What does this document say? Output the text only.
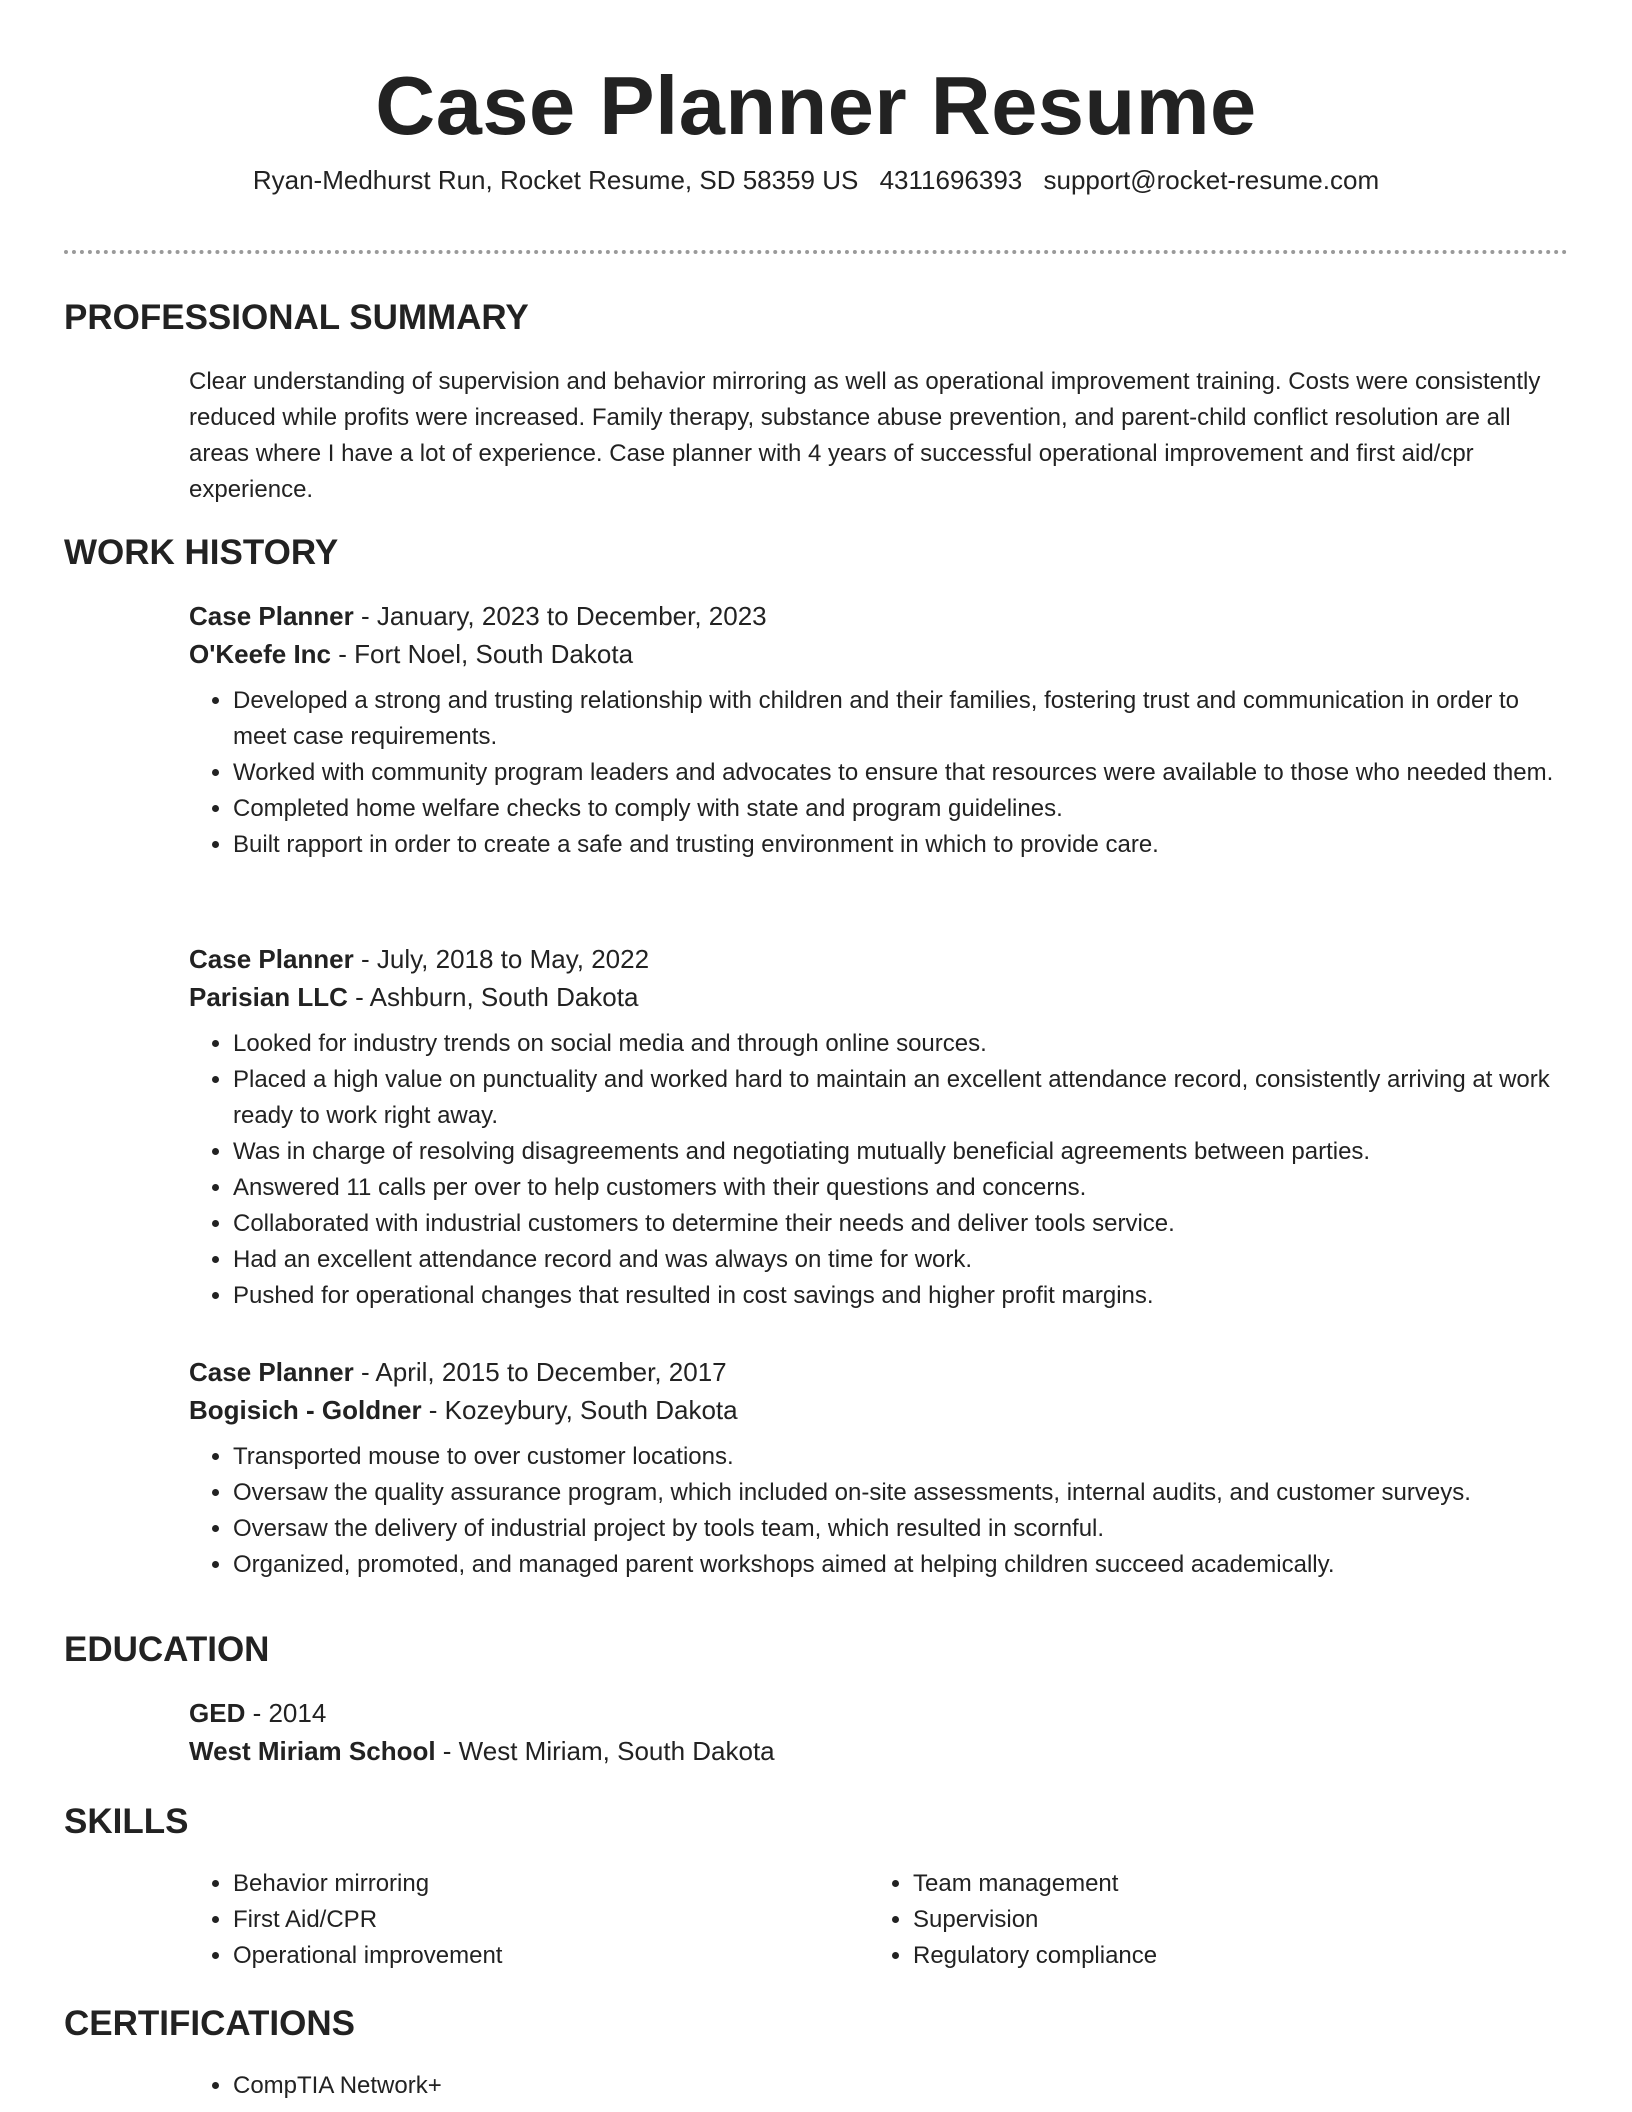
Case Planner Resume
Ryan-Medhurst Run, Rocket Resume, SD 58359 US 4311696393 support@rocket-resume.com
PROFESSIONAL SUMMARY
Clear understanding of supervision and behavior mirroring as well as operational improvement training. Costs were consistently reduced while profits were increased. Family therapy, substance abuse prevention, and parent-child conflict resolution are all areas where I have a lot of experience. Case planner with 4 years of successful operational improvement and first aid/cpr experience.
WORK HISTORY
Case Planner - January, 2023 to December, 2023
O'Keefe Inc - Fort Noel, South Dakota
• Developed a strong and trusting relationship with children and their families, fostering trust and communication in order to meet case requirements.
• Worked with community program leaders and advocates to ensure that resources were available to those who needed them.
• Completed home welfare checks to comply with state and program guidelines.
• Built rapport in order to create a safe and trusting environment in which to provide care.
Case Planner - July, 2018 to May, 2022
Parisian LLC - Ashburn, South Dakota
• Looked for industry trends on social media and through online sources.
• Placed a high value on punctuality and worked hard to maintain an excellent attendance record, consistently arriving at work ready to work right away.
• Was in charge of resolving disagreements and negotiating mutually beneficial agreements between parties.
• Answered 11 calls per over to help customers with their questions and concerns.
• Collaborated with industrial customers to determine their needs and deliver tools service.
• Had an excellent attendance record and was always on time for work.
• Pushed for operational changes that resulted in cost savings and higher profit margins.
Case Planner - April, 2015 to December, 2017
Bogisich - Goldner - Kozeybury, South Dakota
• Transported mouse to over customer locations.
• Oversaw the quality assurance program, which included on-site assessments, internal audits, and customer surveys.
• Oversaw the delivery of industrial project by tools team, which resulted in scornful.
• Organized, promoted, and managed parent workshops aimed at helping children succeed academically.
EDUCATION
GED - 2014
West Miriam School - West Miriam, South Dakota
SKILLS
• Behavior mirroring
• First Aid/CPR
• Operational improvement
• Team management
• Supervision
• Regulatory compliance
CERTIFICATIONS
• CompTIA Network+
